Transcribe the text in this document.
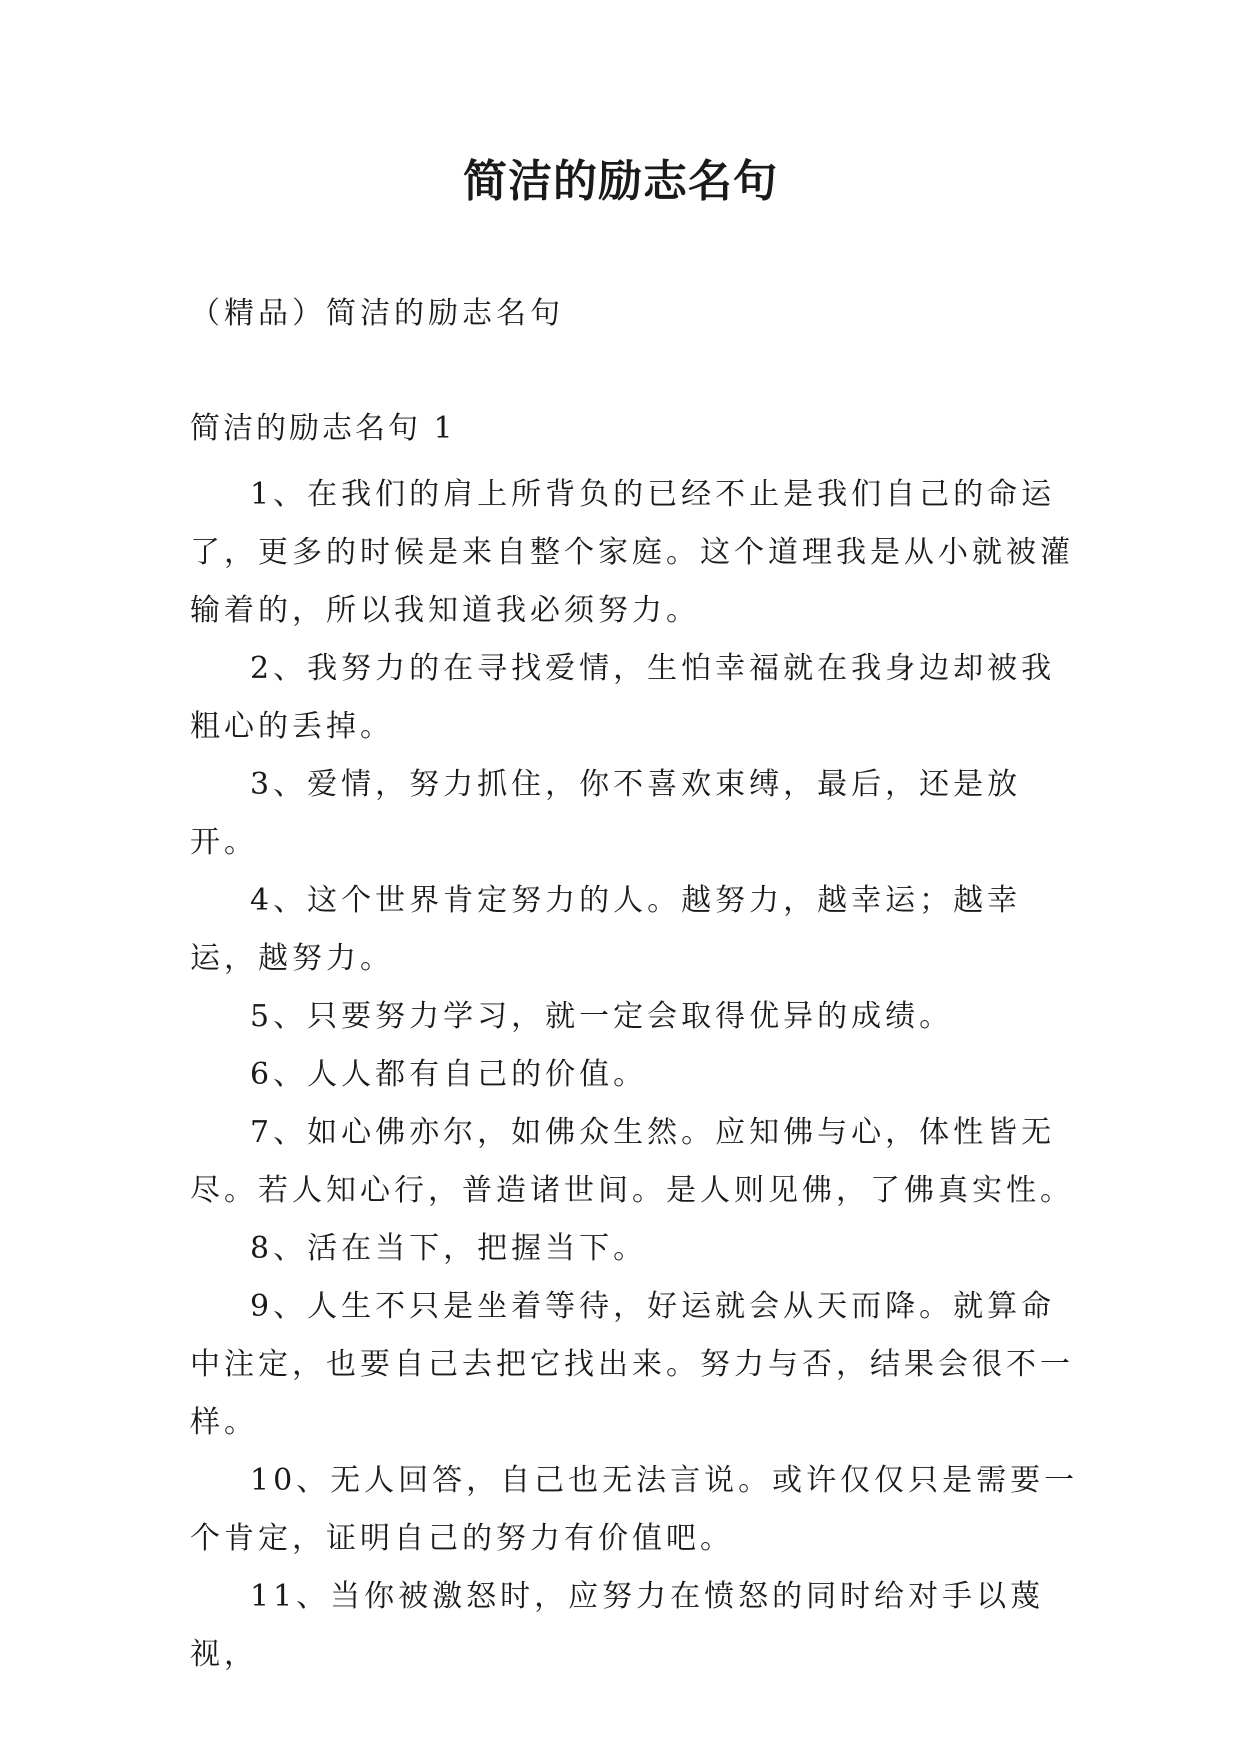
简洁的励志名句
（精品）简洁的励志名句
简洁的励志名句 1

1、在我们的肩上所背负的已经不止是我们自己的命运了，更多的时候是来自整个家庭。这个道理我是从小就被灌输着的，所以我知道我必须努力。

2、我努力的在寻找爱情，生怕幸福就在我身边却被我粗心的丢掉。

3、爱情，努力抓住，你不喜欢束缚，最后，还是放开。

4、这个世界肯定努力的人。越努力，越幸运；越幸运，越努力。

5、只要努力学习，就一定会取得优异的成绩。

6、人人都有自己的价值。

7、如心佛亦尔，如佛众生然。应知佛与心，体性皆无尽。若人知心行，普造诸世间。是人则见佛，了佛真实性。

8、活在当下，把握当下。

9、人生不只是坐着等待，好运就会从天而降。就算命中注定，也要自己去把它找出来。努力与否，结果会很不一样。

10、无人回答，自己也无法言说。或许仅仅只是需要一个肯定，证明自己的努力有价值吧。

11、当你被激怒时，应努力在愤怒的同时给对手以蔑视，
